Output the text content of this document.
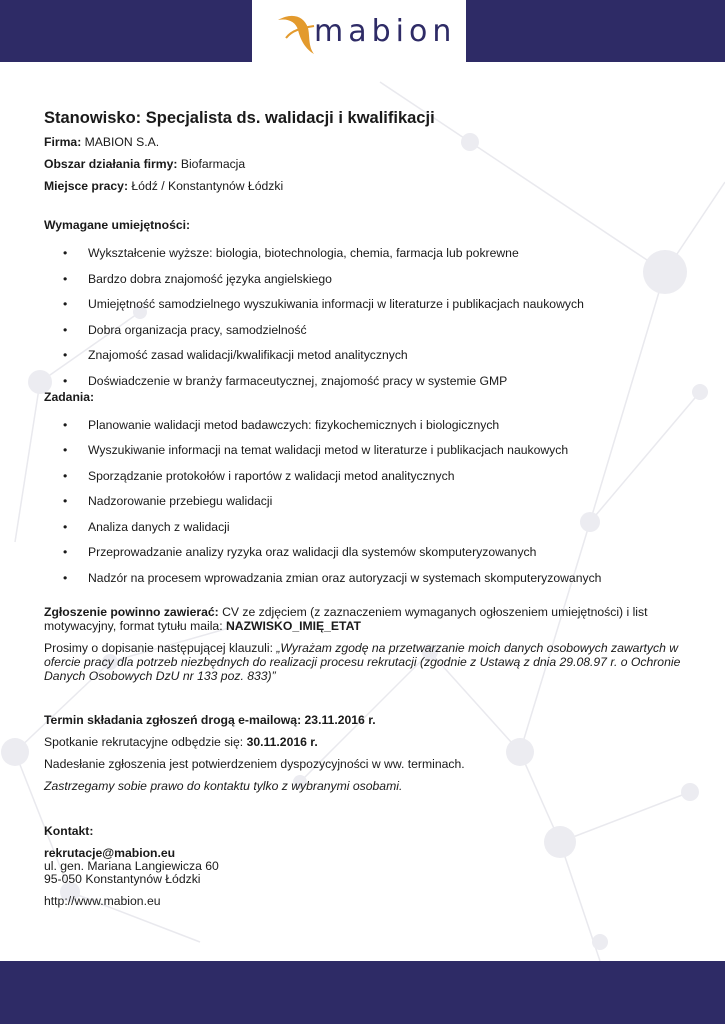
mabion
Stanowisko: Specjalista ds. walidacji i kwalifikacji
Firma: MABION S.A.
Obszar działania firmy: Biofarmacja
Miejsce pracy: Łódź / Konstantynów Łódzki
Wymagane umiejętności:
• Wykształcenie wyższe: biologia, biotechnologia, chemia, farmacja lub pokrewne
• Bardzo dobra znajomość języka angielskiego
• Umiejętność samodzielnego wyszukiwania informacji w literaturze i publikacjach naukowych
• Dobra organizacja pracy, samodzielność
• Znajomość zasad walidacji/kwalifikacji metod analitycznych
• Doświadczenie w branży farmaceutycznej, znajomość pracy w systemie GMP
Zadania:
• Planowanie walidacji metod badawczych: fizykochemicznych i biologicznych
• Wyszukiwanie informacji na temat walidacji metod w literaturze i publikacjach naukowych
• Sporządzanie protokołów i raportów z walidacji metod analitycznych
• Nadzorowanie przebiegu walidacji
• Analiza danych z walidacji
• Przeprowadzanie analizy ryzyka oraz walidacji dla systemów skomputeryzowanych
• Nadzór na procesem wprowadzania zmian oraz autoryzacji w systemach skomputeryzowanych
Zgłoszenie powinno zawierać: CV ze zdjęciem (z zaznaczeniem wymaganych ogłoszeniem umiejętności) i list motywacyjny, format tytułu maila: NAZWISKO_IMIĘ_ETAT
Prosimy o dopisanie następującej klauzuli: „Wyrażam zgodę na przetwarzanie moich danych osobowych zawartych w ofercie pracy dla potrzeb niezbędnych do realizacji procesu rekrutacji (zgodnie z Ustawą z dnia 29.08.97 r. o Ochronie Danych Osobowych DzU nr 133 poz. 833)”
Termin składania zgłoszeń drogą e-mailową: 23.11.2016 r.
Spotkanie rekrutacyjne odbędzie się: 30.11.2016 r.
Nadesłanie zgłoszenia jest potwierdzeniem dyspozycyjności w ww. terminach.
Zastrzegamy sobie prawo do kontaktu tylko z wybranymi osobami.
Kontakt:
rekrutacje@mabion.eu
ul. gen. Mariana Langiewicza 60
95-050 Konstantynów Łódzki
http://www.mabion.eu
